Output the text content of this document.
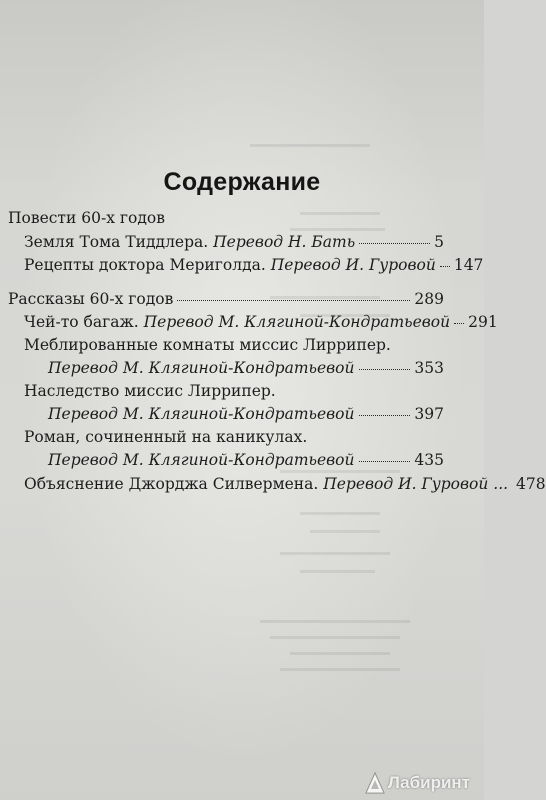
Содержание
Повести 60-х годов
Земля Тома Тиддлера.
Перевод Н. Бать	5
Рецепты доктора Мериголда.
Перевод И. Гуровой 147
Рассказы 60-х годов	289
Чей-то багаж.
Перевод М. Клягиной-Кондратьевой 291
Меблированные комнаты миссис Лиррипер.
Перевод М. Клягиной-Кондратьевой	353
Наследство миссис Лиррипер.
Перевод М. Клягиной-Кондратьевой	397
Роман, сочиненный на каникулах.
Перевод М. Клягиной-Кондратьевой	435
Объяснение Джорджа Силвермена.
Перевод И. Гуровой ... 478
Лабиринт
